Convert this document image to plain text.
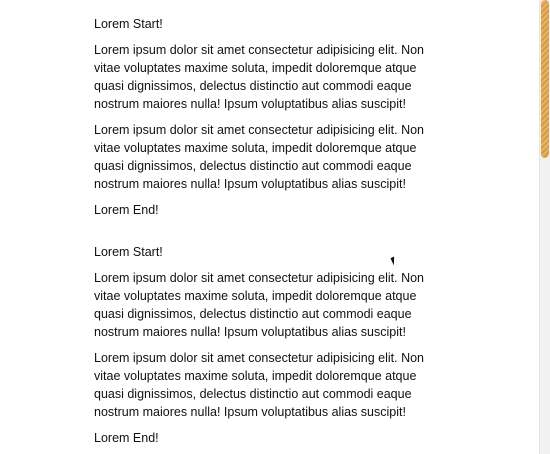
Lorem Start!

Lorem ipsum dolor sit amet consectetur adipisicing elit. Non vitae voluptates maxime soluta, impedit doloremque atque quasi dignissimos, delectus distinctio aut commodi eaque nostrum maiores nulla! Ipsum voluptatibus alias suscipit!

Lorem ipsum dolor sit amet consectetur adipisicing elit. Non vitae voluptates maxime soluta, impedit doloremque atque quasi dignissimos, delectus distinctio aut commodi eaque nostrum maiores nulla! Ipsum voluptatibus alias suscipit!

Lorem End!

Lorem Start!

Lorem ipsum dolor sit amet consectetur adipisicing elit. Non vitae voluptates maxime soluta, impedit doloremque atque quasi dignissimos, delectus distinctio aut commodi eaque nostrum maiores nulla! Ipsum voluptatibus alias suscipit!

Lorem ipsum dolor sit amet consectetur adipisicing elit. Non vitae voluptates maxime soluta, impedit doloremque atque quasi dignissimos, delectus distinctio aut commodi eaque nostrum maiores nulla! Ipsum voluptatibus alias suscipit!

Lorem End!
